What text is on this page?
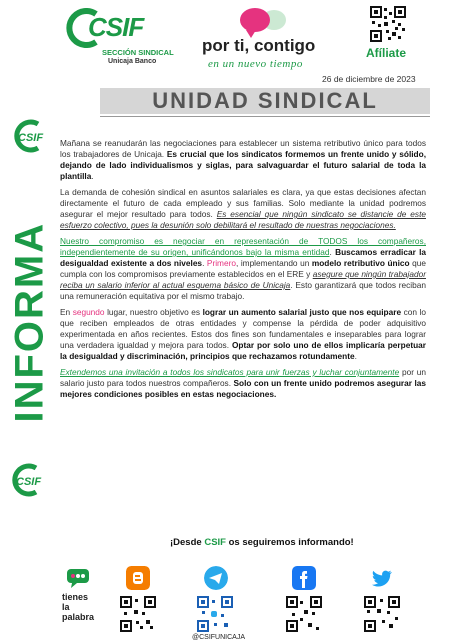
CSIF
SECCIÓN SINDICAL
Unicaja Banco
por ti, contigo
en un nuevo tiempo
Afíliate
26 de diciembre de 2023
UNIDAD SINDICAL
CSIF
INFORMA
CSIF

Mañana se reanudarán las negociaciones para establecer un sistema retributivo único para todos los trabajadores de Unicaja. Es crucial que los sindicatos formemos un frente unido y sólido, dejando de lado individualismos y siglas, para salvaguardar el futuro salarial de toda la plantilla.

La demanda de cohesión sindical en asuntos salariales es clara, ya que estas decisiones afectan directamente el futuro de cada empleado y sus familias. Solo mediante la unidad podremos asegurar el mejor resultado para todos. Es esencial que ningún sindicato se distancie de este esfuerzo colectivo, pues la desunión solo debilitará el resultado de nuestras negociaciones.

Nuestro compromiso es negociar en representación de TODOS los compañeros, independientemente de su origen, unificándonos bajo la misma entidad. Buscamos erradicar la desigualdad existente a dos niveles. Primero, implementando un modelo retributivo único que cumpla con los compromisos previamente establecidos en el ERE y asegure que ningún trabajador reciba un salario inferior al actual esquema básico de Unicaja. Esto garantizará que todos reciban una remuneración equitativa por el mismo trabajo.

En segundo lugar, nuestro objetivo es lograr un aumento salarial justo que nos equipare con lo que reciben empleados de otras entidades y compense la pérdida de poder adquisitivo experimentada en años recientes. Estos dos fines son fundamentales e inseparables para lograr una verdadera igualdad y mejora para todos. Optar por solo uno de ellos implicaría perpetuar la desigualdad y discriminación, principios que rechazamos rotundamente.

Extendemos una invitación a todos los sindicatos para unir fuerzas y luchar conjuntamente por un salario justo para todos nuestros compañeros. Solo con un frente unido podremos asegurar las mejores condiciones posibles en estas negociaciones.

¡Desde CSIF os seguiremos informando!
tienes
la
palabra
@CSIFUNICAJA
